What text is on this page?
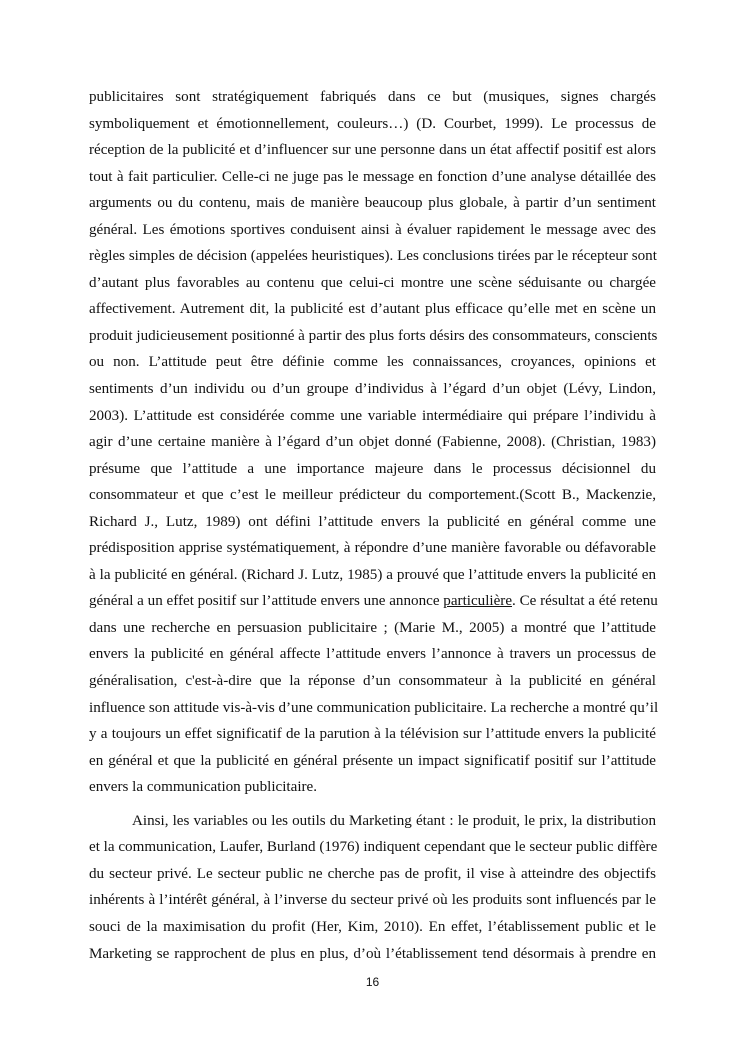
publicitaires sont stratégiquement fabriqués dans ce but (musiques, signes chargés
symboliquement et émotionnellement, couleurs…) (D. Courbet, 1999). Le processus de
réception de la publicité et d’influencer sur une personne dans un état affectif positif est alors
tout à fait particulier. Celle-ci ne juge pas le message en fonction d’une analyse détaillée des
arguments ou du contenu, mais de manière beaucoup plus globale, à partir d’un sentiment
général. Les émotions sportives conduisent ainsi à évaluer rapidement le message avec des
règles simples de décision (appelées heuristiques). Les conclusions tirées par le récepteur sont
d’autant plus favorables au contenu que celui-ci montre une scène séduisante ou chargée
affectivement. Autrement dit, la publicité est d’autant plus efficace qu’elle met en scène un
produit judicieusement positionné à partir des plus forts désirs des consommateurs, conscients
ou non. L’attitude peut être définie comme les connaissances, croyances, opinions et
sentiments d’un individu ou d’un groupe d’individus à l’égard d’un objet (Lévy, Lindon,
2003). L’attitude est considérée comme une variable intermédiaire qui prépare l’individu à
agir d’une certaine manière à l’égard d’un objet donné (Fabienne, 2008). (Christian, 1983)
présume que l’attitude a une importance majeure dans le processus décisionnel du
consommateur et que c’est le meilleur prédicteur du comportement.(Scott B., Mackenzie,
Richard J., Lutz, 1989) ont défini l’attitude envers la publicité en général comme une
prédisposition apprise systématiquement, à répondre d’une manière favorable ou défavorable
à la publicité en général. (Richard J. Lutz, 1985) a prouvé que l’attitude envers la publicité en
général a un effet positif sur l’attitude envers une annonce particulière. Ce résultat a été retenu
dans une recherche en persuasion publicitaire ; (Marie M., 2005) a montré que l’attitude
envers la publicité en général affecte l’attitude envers l’annonce à travers un processus de
généralisation, c'est-à-dire que la réponse d’un consommateur à la publicité en général
influence son attitude vis-à-vis d’une communication publicitaire. La recherche a montré qu’il
y a toujours un effet significatif de la parution à la télévision sur l’attitude envers la publicité
en général et que la publicité en général présente un impact significatif positif sur l’attitude
envers la communication publicitaire.
Ainsi, les variables ou les outils du Marketing étant : le produit, le prix, la distribution
et la communication, Laufer, Burland (1976) indiquent cependant que le secteur public diffère
du secteur privé. Le secteur public ne cherche pas de profit, il vise à atteindre des objectifs
inhérents à l’intérêt général, à l’inverse du secteur privé où les produits sont influencés par le
souci de la maximisation du profit (Her, Kim, 2010). En effet, l’établissement public et le
Marketing se rapprochent de plus en plus, d’où l’établissement tend désormais à prendre en
16
